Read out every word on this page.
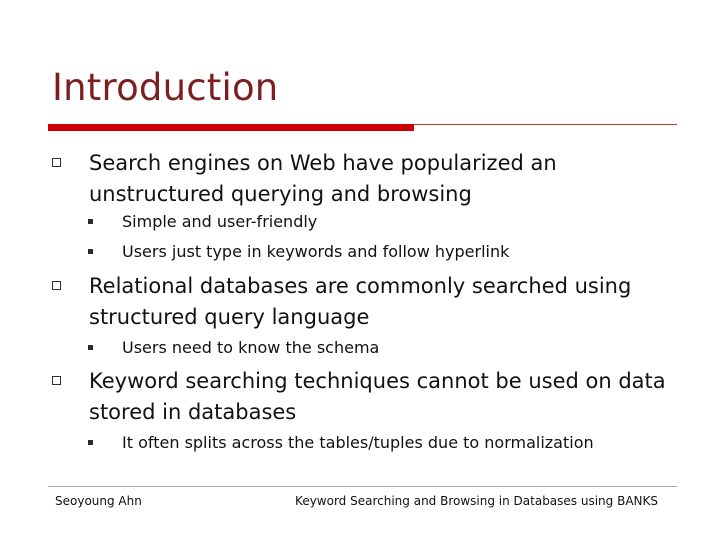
Introduction
Search engines on Web have popularized an unstructured querying and browsing
Simple and user-friendly
Users just type in keywords and follow hyperlink
Relational databases are commonly searched using structured query language
Users need to know the schema
Keyword searching techniques cannot be used on data stored in databases
It often splits across the tables/tuples due to normalization
Seoyoung Ahn	Keyword Searching and Browsing in Databases using BANKS
